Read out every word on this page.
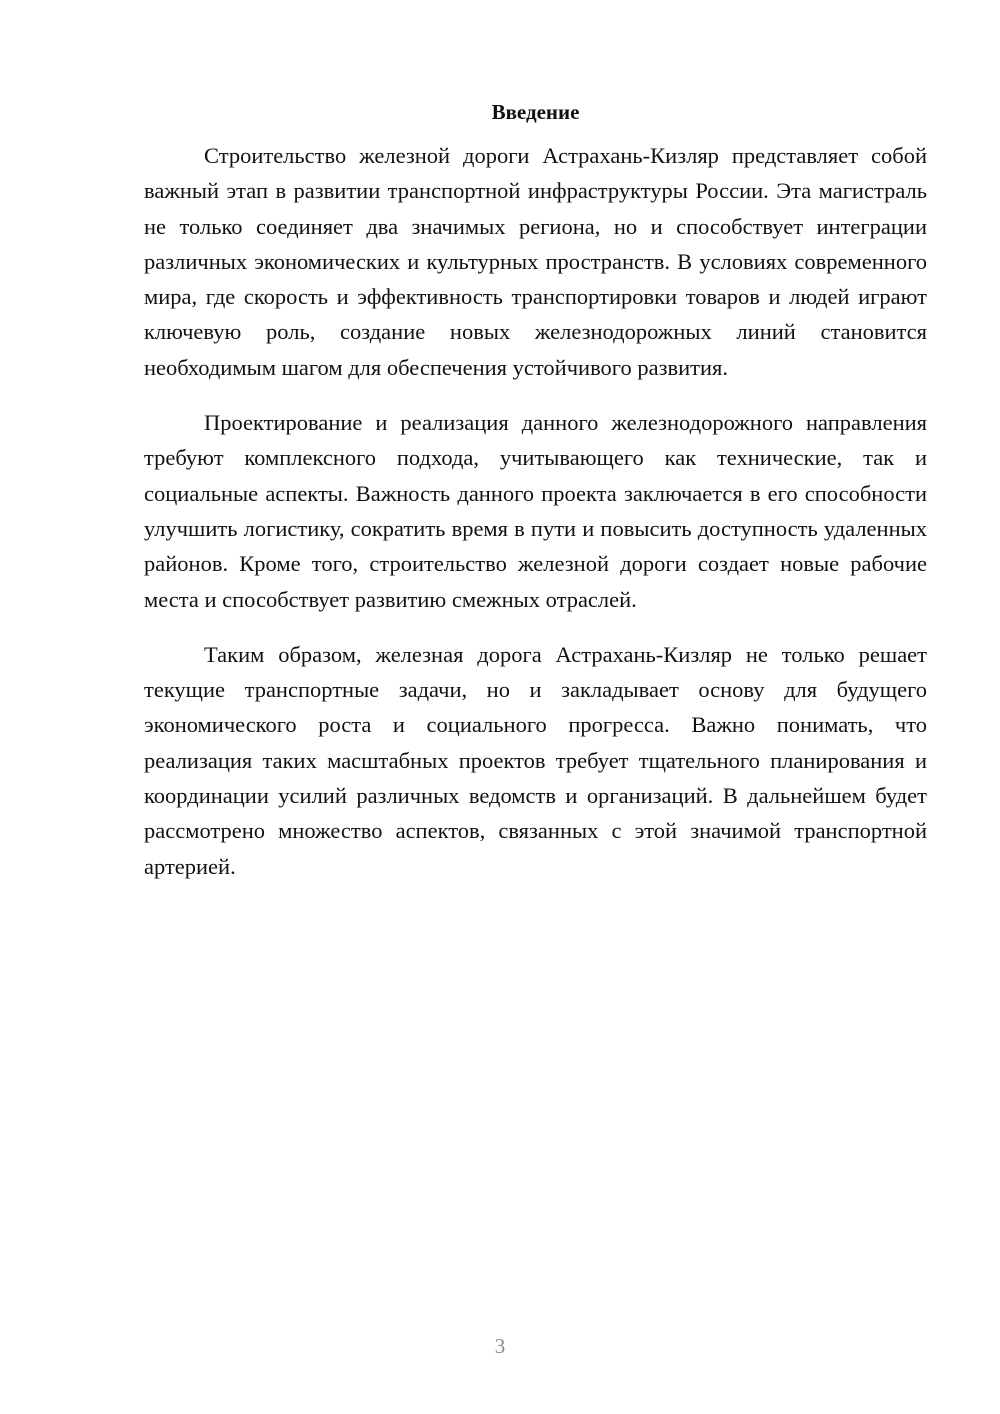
Введение

Строительство железной дороги Астрахань-Кизляр представляет собой важный этап в развитии транспортной инфраструктуры России. Эта магистраль не только соединяет два значимых региона, но и способствует интеграции различных экономических и культурных пространств. В условиях современного мира, где скорость и эффективность транспортировки товаров и людей играют ключевую роль, создание новых железнодорожных линий становится необходимым шагом для обеспечения устойчивого развития.

Проектирование и реализация данного железнодорожного направления требуют комплексного подхода, учитывающего как технические, так и социальные аспекты. Важность данного проекта заключается в его способности улучшить логистику, сократить время в пути и повысить доступность удаленных районов. Кроме того, строительство железной дороги создает новые рабочие места и способствует развитию смежных отраслей.

Таким образом, железная дорога Астрахань-Кизляр не только решает текущие транспортные задачи, но и закладывает основу для будущего экономического роста и социального прогресса. Важно понимать, что реализация таких масштабных проектов требует тщательного планирования и координации усилий различных ведомств и организаций. В дальнейшем будет рассмотрено множество аспектов, связанных с этой значимой транспортной артерией.

3
